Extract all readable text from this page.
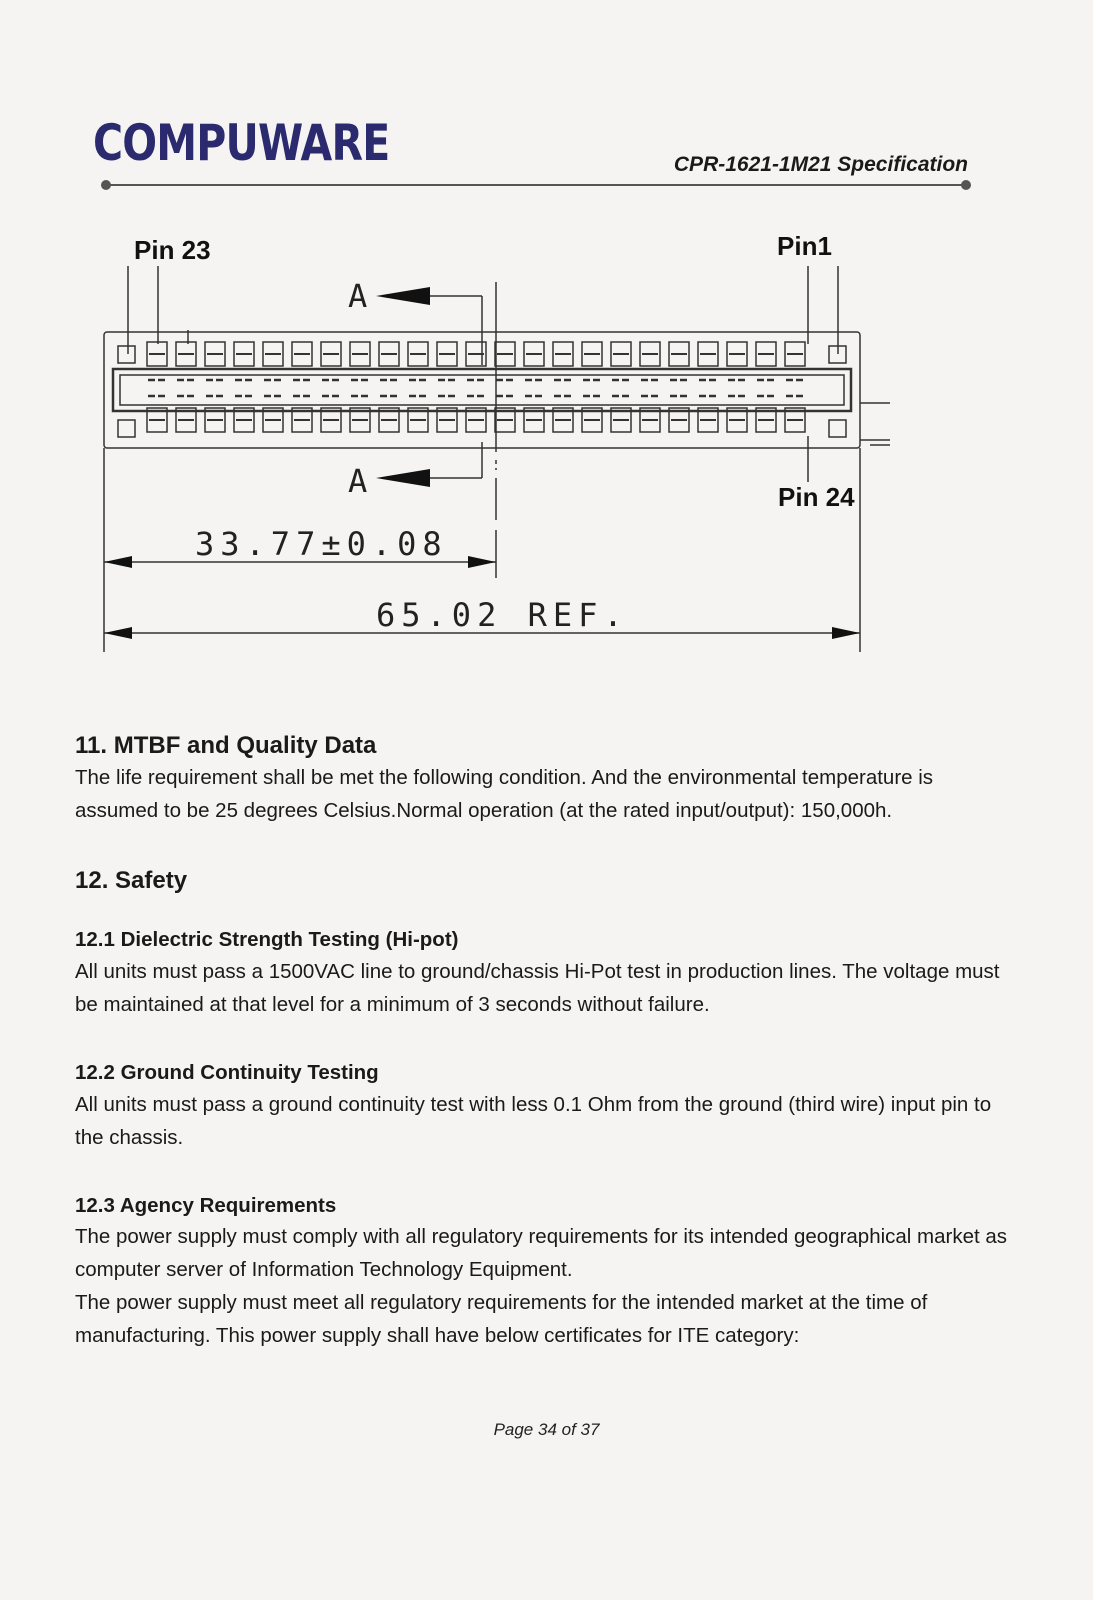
COMPUWARE	CPR-1621-1M21 Specification
Pin 23	Pin1
Pin 24
A
A
33.77±0.08
65.02 REF.
11. MTBF and Quality Data

The life requirement shall be met the following condition. And the environmental temperature is assumed to be 25 degrees Celsius.Normal operation (at the rated input/output): 150,000h.

12. Safety
12.1 Dielectric Strength Testing (Hi-pot)

All units must pass a 1500VAC line to ground/chassis Hi-Pot test in production lines. The voltage must be maintained at that level for a minimum of 3 seconds without failure.

12.2 Ground Continuity Testing

All units must pass a ground continuity test with less 0.1 Ohm from the ground (third wire) input pin to the chassis.

12.3 Agency Requirements

The power supply must comply with all regulatory requirements for its intended geographical market as computer server of Information Technology Equipment.

The power supply must meet all regulatory requirements for the intended market at the time of manufacturing. This power supply shall have below certificates for ITE category:

Page 34 of 37
